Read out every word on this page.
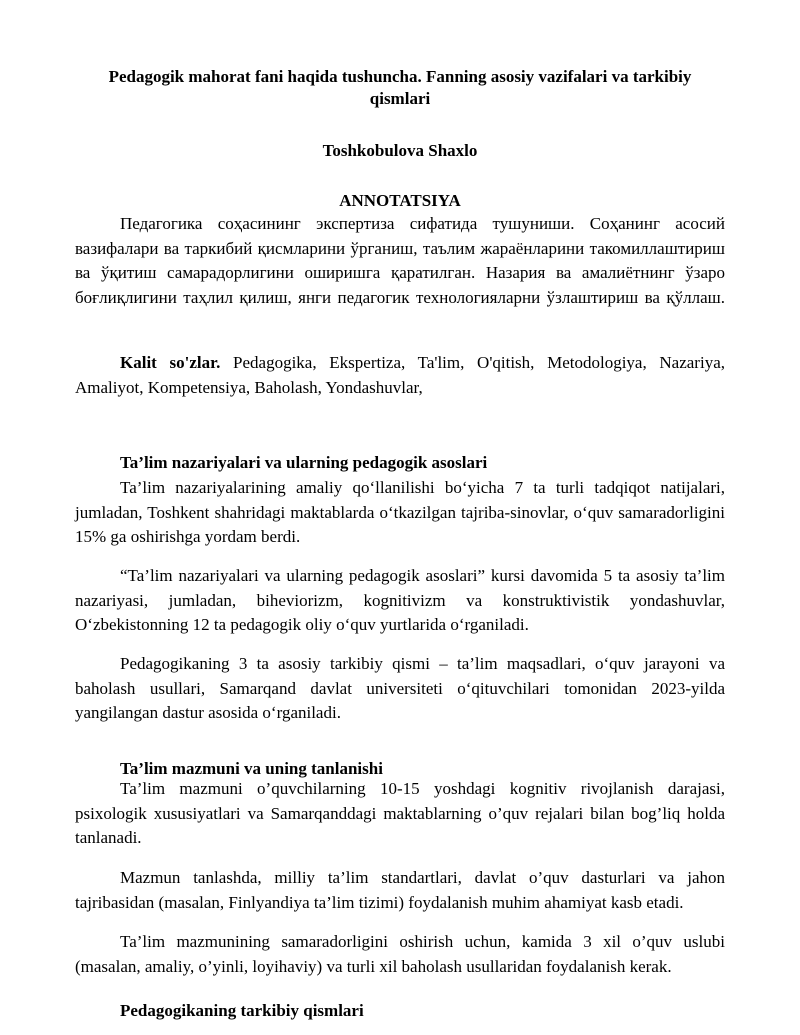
Pedagogik mahorat fani haqida tushuncha. Fanning asosiy vazifalari va tarkibiy qismlari
Toshkobulova Shaxlo
ANNOTATSIYA
Педагогика соҳасининг экспертиза сифатида тушуниши. Соҳанинг асосий вазифалари ва таркибий қисмларини ўрганиш, таълим жараёнларини такомиллаштириш ва ўқитиш самарадорлигини оширишга қаратилган. Назария ва амалиётнинг ўзаро боғлиқлигини таҳлил қилиш, янги педагогик технологияларни ўзлаштириш ва қўллаш.
Kalit so'zlar. Pedagogika, Ekspertiza, Ta'lim, O'qitish, Metodologiya, Nazariya, Amaliyot, Kompetensiya, Baholash, Yondashuvlar,
Ta’lim nazariyalari va ularning pedagogik asoslari
Ta’lim nazariyalarining amaliy qo‘llanilishi bo‘yicha 7 ta turli tadqiqot natijalari, jumladan, Toshkent shahridagi maktablarda o‘tkazilgan tajriba-sinovlar, o‘quv samaradorligini 15% ga oshirishga yordam berdi.
“Ta’lim nazariyalari va ularning pedagogik asoslari” kursi davomida 5 ta asosiy ta’lim nazariyasi, jumladan, biheviorizm, kognitivizm va konstruktivistik yondashuvlar, O‘zbekistonning 12 ta pedagogik oliy o‘quv yurtlarida o‘rganiladi.
Pedagogikaning 3 ta asosiy tarkibiy qismi – ta’lim maqsadlari, o‘quv jarayoni va baholash usullari, Samarqand davlat universiteti o‘qituvchilari tomonidan 2023-yilda yangilangan dastur asosida o‘rganiladi.
Ta’lim mazmuni va uning tanlanishi
Ta’lim mazmuni o’quvchilarning 10-15 yoshdagi kognitiv rivojlanish darajasi, psixologik xususiyatlari va Samarqanddagi maktablarning o’quv rejalari bilan bog’liq holda tanlanadi.
Mazmun tanlashda, milliy ta’lim standartlari, davlat o’quv dasturlari va jahon tajribasidan (masalan, Finlyandiya ta’lim tizimi) foydalanish muhim ahamiyat kasb etadi.
Ta’lim mazmunining samaradorligini oshirish uchun, kamida 3 xil o’quv uslubi (masalan, amaliy, o’yinli, loyihaviy) va turli xil baholash usullaridan foydalanish kerak.
Pedagogikaning tarkibiy qismlari
